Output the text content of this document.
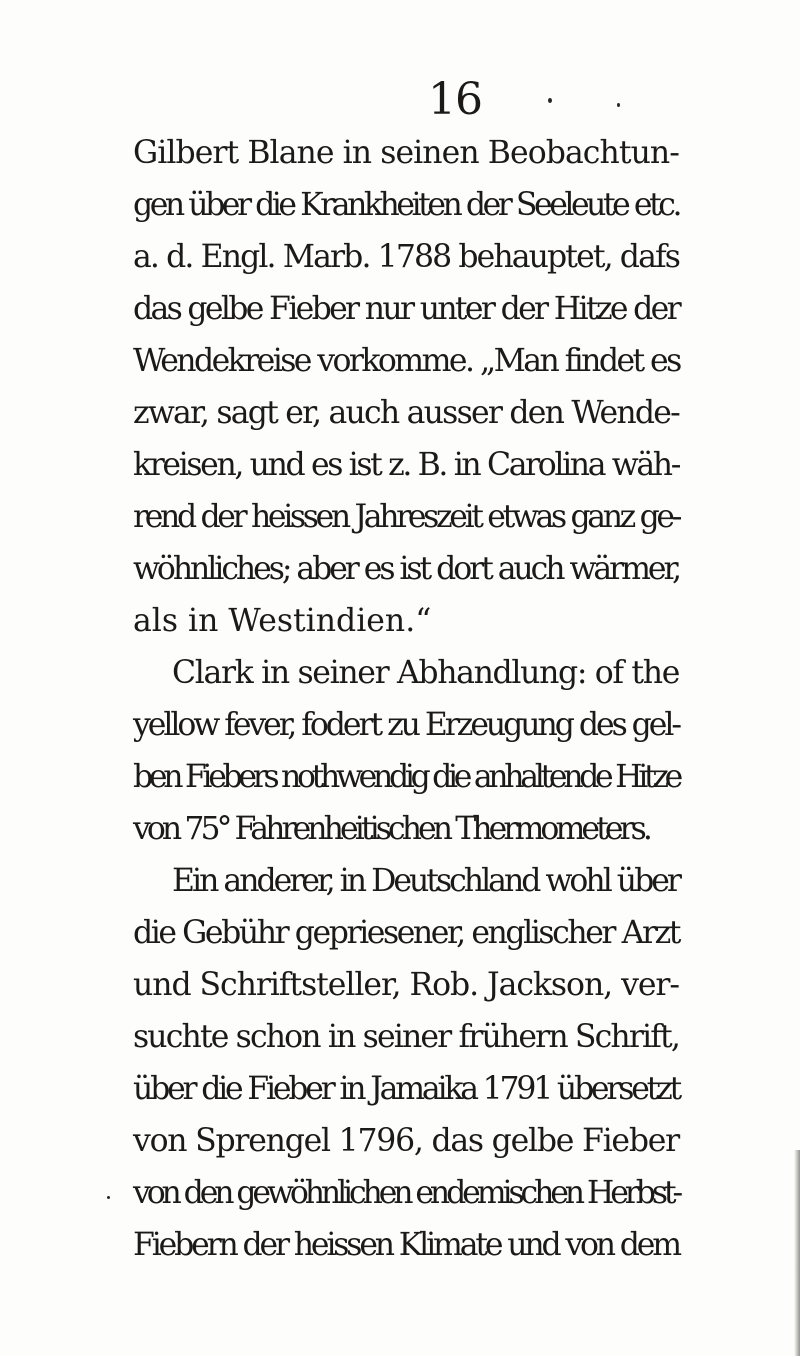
16
Gilbert Blane in seinen Beobachtun-
gen über die Krankheiten der Seeleute etc.
a. d. Engl. Marb. 1788 behauptet, dafs
das gelbe Fieber nur unter der Hitze der
Wendekreise vorkomme. „Man findet es
zwar, sagt er, auch ausser den Wende-
kreisen, und es ist z. B. in Carolina wäh-
rend der heissen Jahreszeit etwas ganz ge-
wöhnliches; aber es ist dort auch wärmer,
als in Westindien.“
Clark in seiner Abhandlung: of the
yellow fever, fodert zu Erzeugung des gel-
ben Fiebers nothwendig die anhaltende Hitze
von 75° Fahrenheitischen Thermometers.
Ein anderer, in Deutschland wohl über
die Gebühr gepriesener, englischer Arzt
und Schriftsteller, Rob. Jackson, ver-
suchte schon in seiner frühern Schrift,
über die Fieber in Jamaika 1791 übersetzt
von Sprengel 1796, das gelbe Fieber
von den gewöhnlichen endemischen Herbst-
Fiebern der heissen Klimate und von dem
